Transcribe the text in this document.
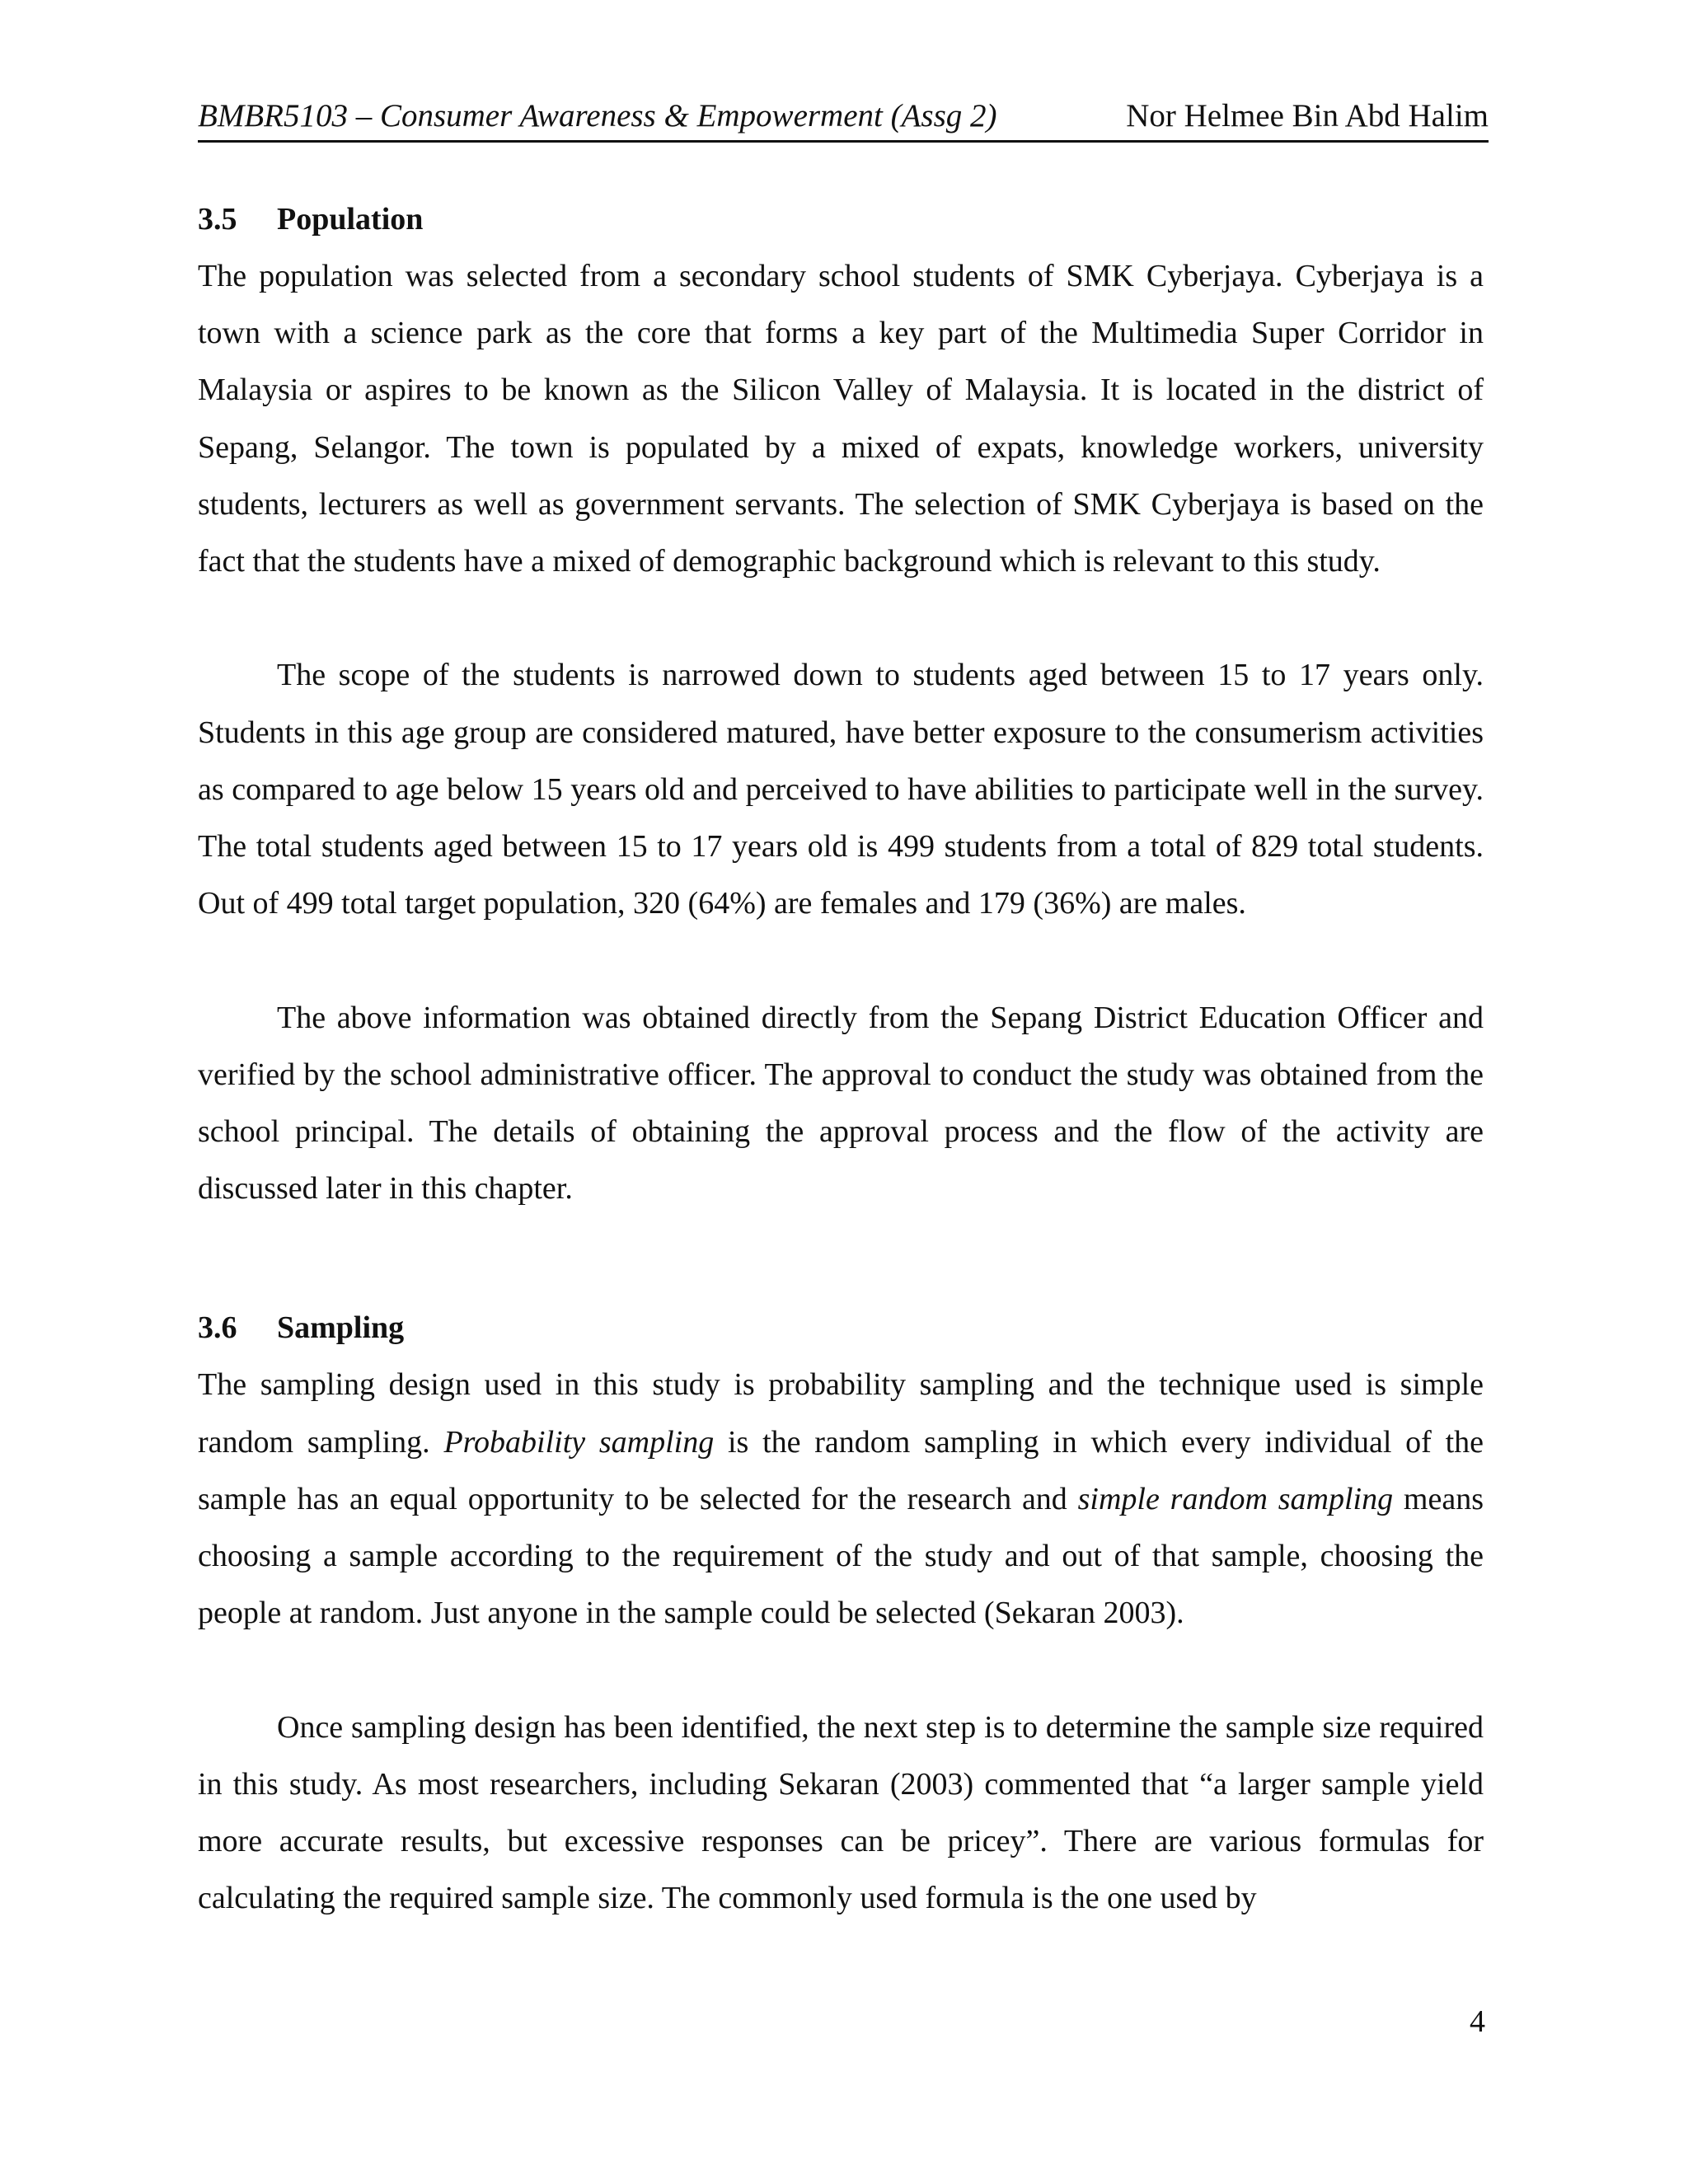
BMBR5103 – Consumer Awareness & Empowerment (Assg 2)	Nor Helmee Bin Abd Halim
3.5 Population

The population was selected from a secondary school students of SMK Cyberjaya. Cyberjaya is a town with a science park as the core that forms a key part of the Multimedia Super Corridor in Malaysia or aspires to be known as the Silicon Valley of Malaysia. It is located in the district of Sepang, Selangor. The town is populated by a mixed of expats, knowledge workers, university students, lecturers as well as government servants. The selection of SMK Cyberjaya is based on the fact that the students have a mixed of demographic background which is relevant to this study.

The scope of the students is narrowed down to students aged between 15 to 17 years only. Students in this age group are considered matured, have better exposure to the consumerism activities as compared to age below 15 years old and perceived to have abilities to participate well in the survey. The total students aged between 15 to 17 years old is 499 students from a total of 829 total students. Out of 499 total target population, 320 (64%) are females and 179 (36%) are males.

The above information was obtained directly from the Sepang District Education Officer and verified by the school administrative officer. The approval to conduct the study was obtained from the school principal. The details of obtaining the approval process and the flow of the activity are discussed later in this chapter.

3.6 Sampling

The sampling design used in this study is probability sampling and the technique used is simple random sampling. Probability sampling is the random sampling in which every individual of the sample has an equal opportunity to be selected for the research and simple random sampling means choosing a sample according to the requirement of the study and out of that sample, choosing the people at random. Just anyone in the sample could be selected (Sekaran 2003).

Once sampling design has been identified, the next step is to determine the sample size required in this study. As most researchers, including Sekaran (2003) commented that “a larger sample yield more accurate results, but excessive responses can be pricey”. There are various formulas for calculating the required sample size. The commonly used formula is the one used by

4
